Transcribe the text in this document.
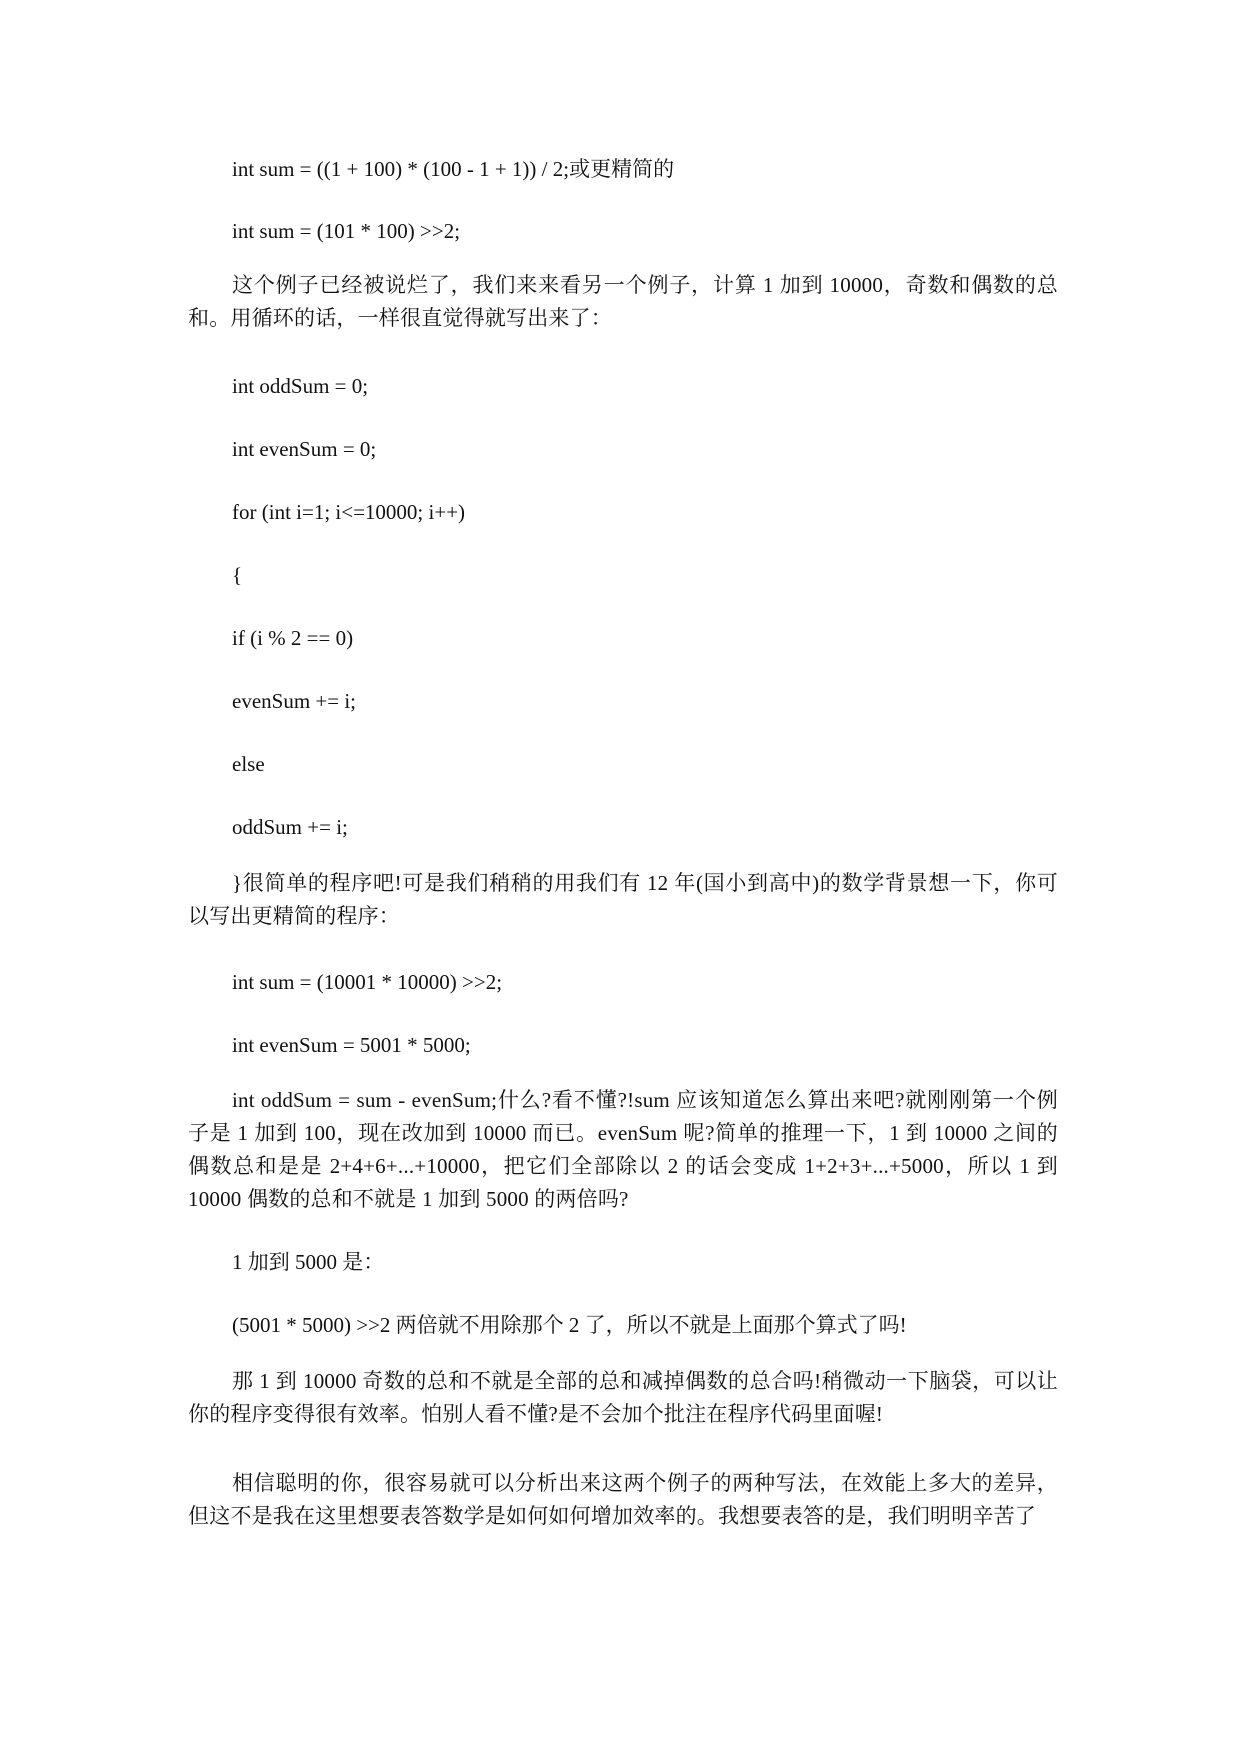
int sum = ((1 + 100) * (100 - 1 + 1)) / 2;或更精简的
int sum = (101 * 100) >>2;
这个例子已经被说烂了，我们来来看另一个例子，计算 1 加到 10000，奇数和偶数的总和。用循环的话，一样很直觉得就写出来了：
int oddSum = 0;
int evenSum = 0;
for (int i=1; i<=10000; i++)
{
if (i % 2 == 0)
evenSum += i;
else
oddSum += i;
}很简单的程序吧!可是我们稍稍的用我们有 12 年(国小到高中)的数学背景想一下，你可以写出更精简的程序：
int sum = (10001 * 10000) >>2;
int evenSum = 5001 * 5000;
int oddSum = sum - evenSum;什么?看不懂?!sum 应该知道怎么算出来吧?就刚刚第一个例子是 1 加到 100，现在改加到 10000 而已。evenSum 呢?简单的推理一下，1 到 10000 之间的偶数总和是是 2+4+6+...+10000，把它们全部除以 2 的话会变成 1+2+3+...+5000，所以 1 到 10000 偶数的总和不就是 1 加到 5000 的两倍吗?
1 加到 5000 是：
(5001 * 5000) >>2 两倍就不用除那个 2 了，所以不就是上面那个算式了吗!
那 1 到 10000 奇数的总和不就是全部的总和减掉偶数的总合吗!稍微动一下脑袋，可以让你的程序变得很有效率。怕别人看不懂?是不会加个批注在程序代码里面喔!
相信聪明的你，很容易就可以分析出来这两个例子的两种写法，在效能上多大的差异，但这不是我在这里想要表答数学是如何如何增加效率的。我想要表答的是，我们明明辛苦了
